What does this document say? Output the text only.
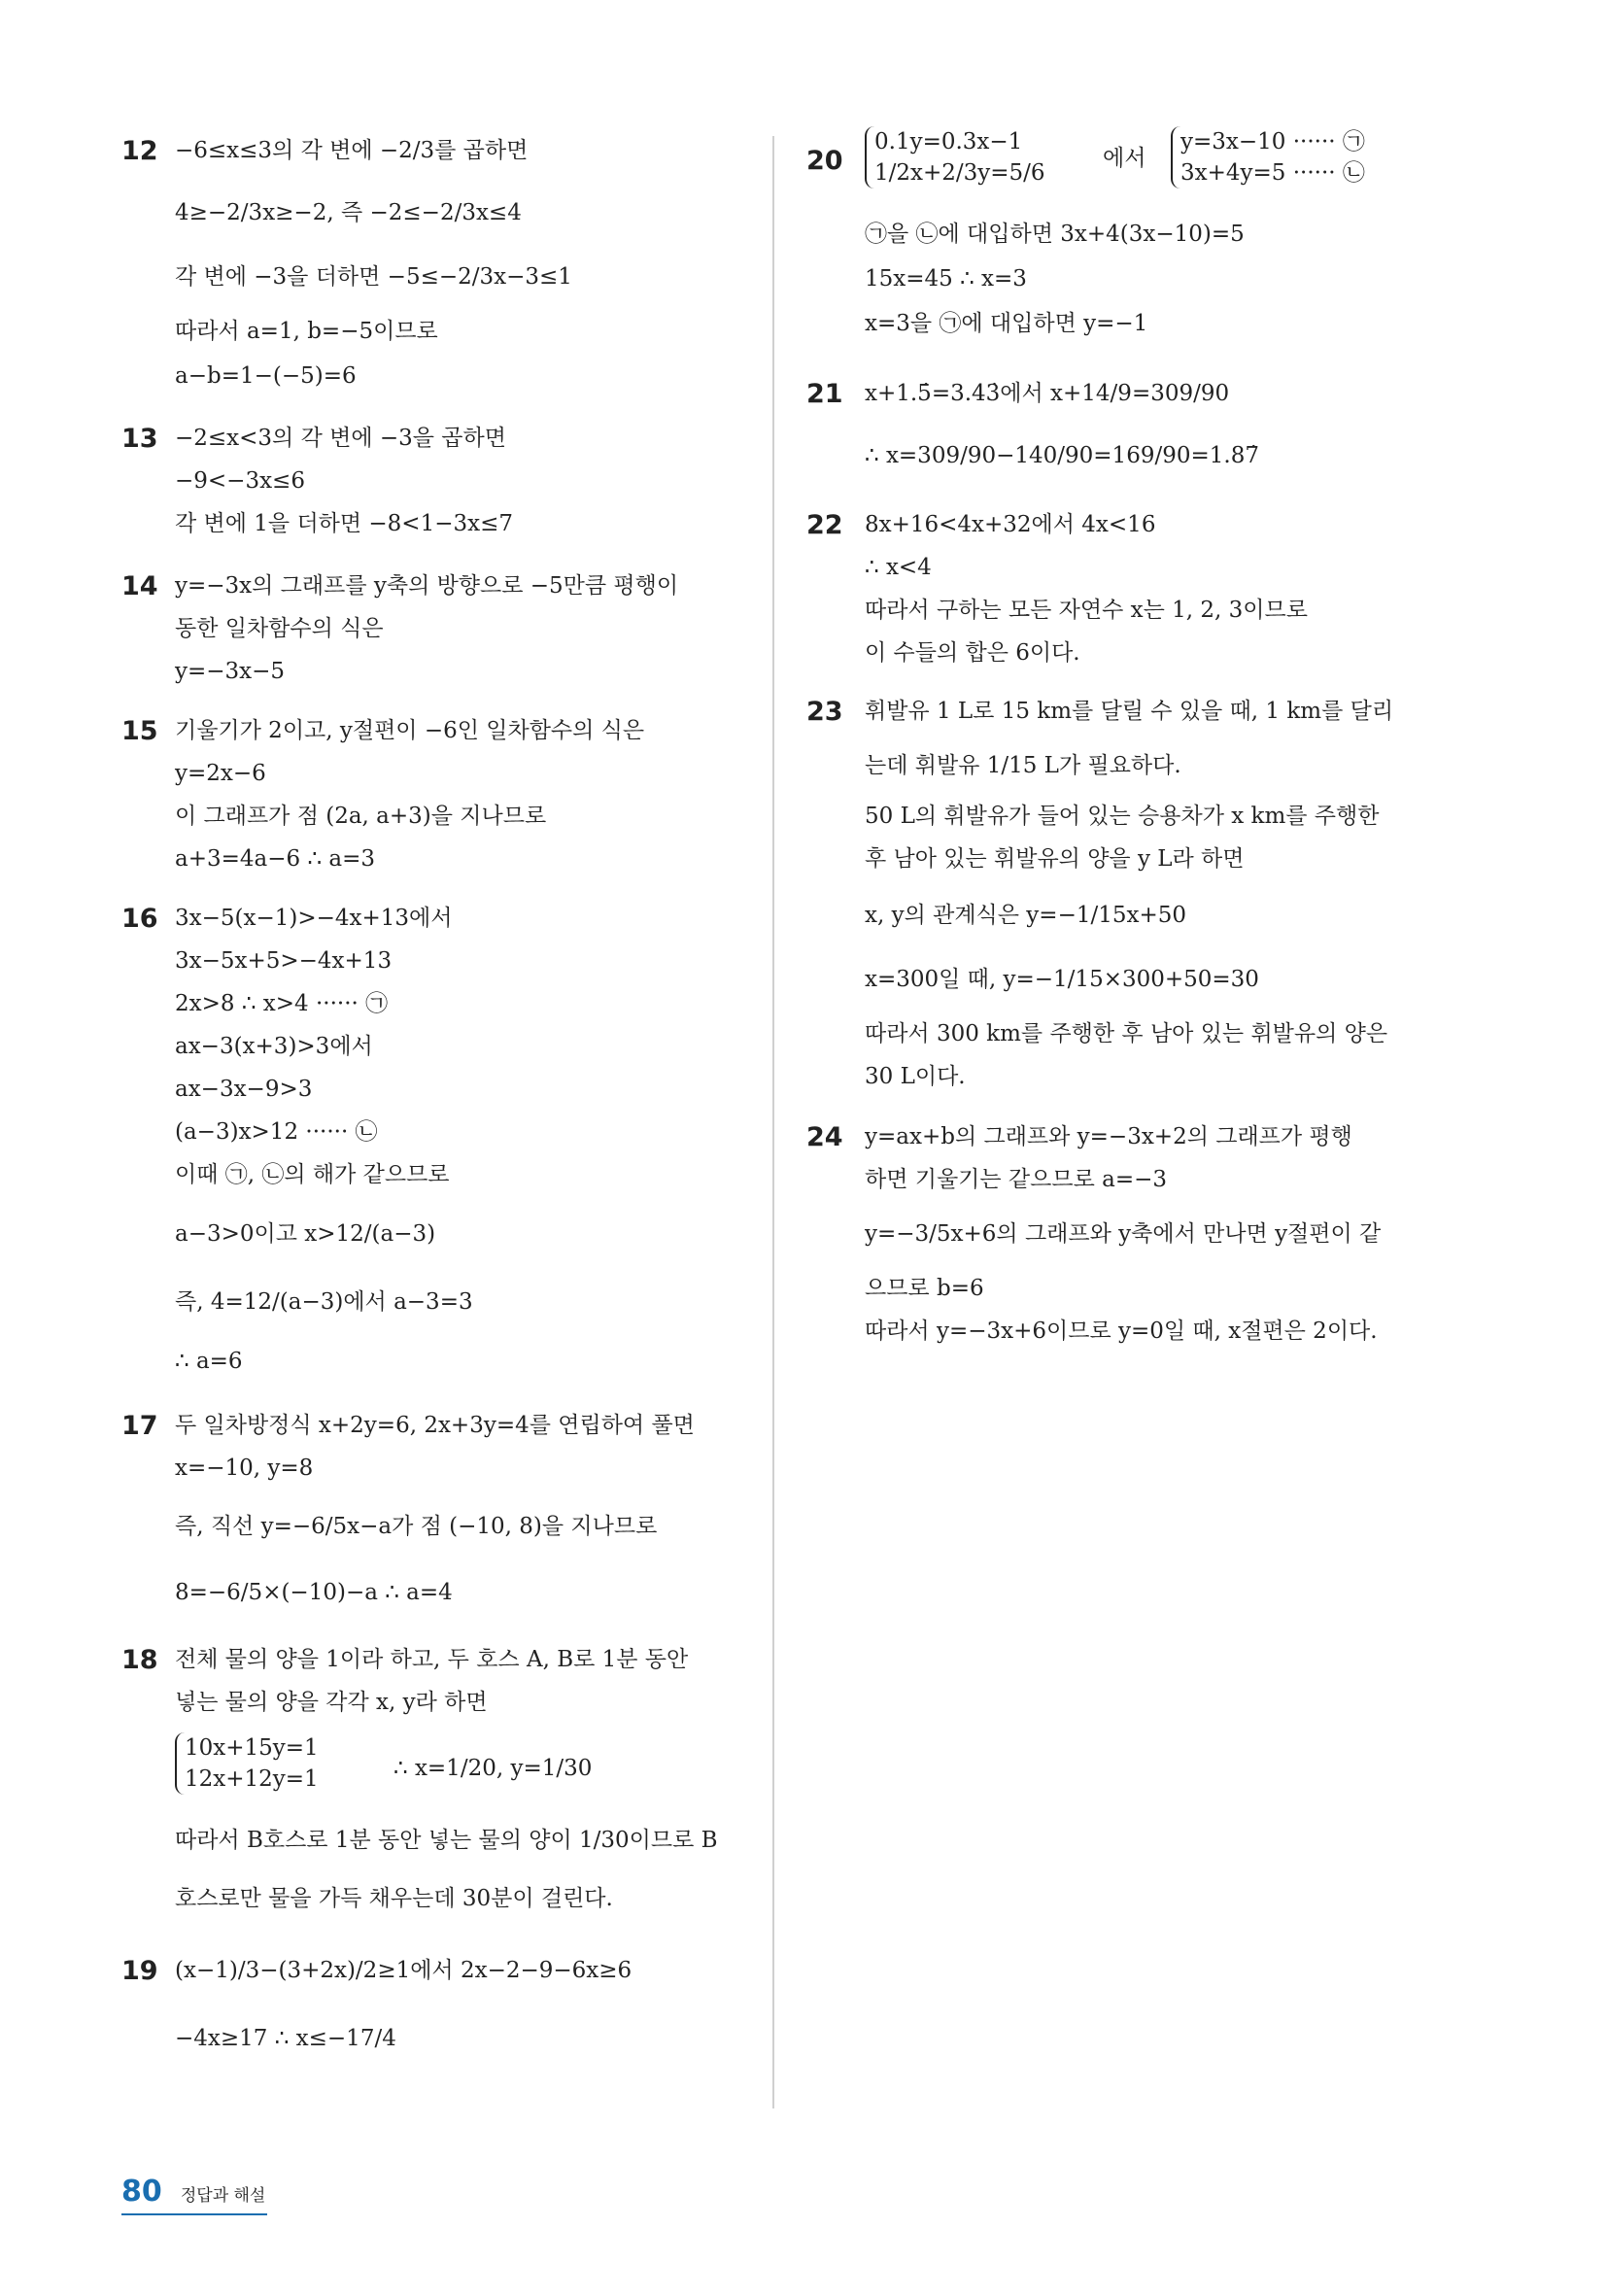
12 −6≤x≤3의 각 변에 −2/3를 곱하면
4≥−2/3x≥−2, 즉 −2≤−2/3x≤4
각 변에 −3을 더하면 −5≤−2/3x−3≤1
따라서 a=1, b=−5이므로
a−b=1−(−5)=6
13 −2≤x<3의 각 변에 −3을 곱하면
−9<−3x≤6
각 변에 1을 더하면 −8<1−3x≤7
14 y=−3x의 그래프를 y축의 방향으로 −5만큼 평행이
동한 일차함수의 식은
y=−3x−5
15 기울기가 2이고, y절편이 −6인 일차함수의 식은
y=2x−6
이 그래프가 점 (2a, a+3)을 지나므로
a+3=4a−6 ∴ a=3
16 3x−5(x−1)>−4x+13에서
3x−5x+5>−4x+13
2x>8 ∴ x>4 ······ ㉠
ax−3(x+3)>3에서
ax−3x−9>3
(a−3)x>12 ······ ㉡
이때 ㉠, ㉡의 해가 같으므로
a−3>0이고 x>12/(a−3)
즉, 4=12/(a−3)에서 a−3=3
∴ a=6
17 두 일차방정식 x+2y=6, 2x+3y=4를 연립하여 풀면
x=−10, y=8
즉, 직선 y=−6/5x−a가 점 (−10, 8)을 지나므로
8=−6/5×(−10)−a ∴ a=4
18 전체 물의 양을 1이라 하고, 두 호스 A, B로 1분 동안
넣는 물의 양을 각각 x, y라 하면
10x+15y=1
12x+12y=1	∴ x=1/20, y=1/30
따라서 B호스로 1분 동안 넣는 물의 양이 1/30이므로 B
호스로만 물을 가득 채우는데 30분이 걸린다.
19 (x−1)/3−(3+2x)/2≥1에서 2x−2−9−6x≥6
−4x≥17 ∴ x≤−17/4
20
0.1y=0.3x−1
1/2x+2/3y=5/6
에서
y=3x−10 ······ ㉠
3x+4y=5 ······ ㉡
㉠을 ㉡에 대입하면 3x+4(3x−10)=5
15x=45 ∴ x=3
x=3을 ㉠에 대입하면 y=−1
21 x+1.5̇=3.43̇에서 x+14/9=309/90
∴ x=309/90−140/90=169/90=1.87̇
22 8x+16<4x+32에서 4x<16
∴ x<4
따라서 구하는 모든 자연수 x는 1, 2, 3이므로
이 수들의 합은 6이다.
23 휘발유 1 L로 15 km를 달릴 수 있을 때, 1 km를 달리
는데 휘발유 1/15 L가 필요하다.
50 L의 휘발유가 들어 있는 승용차가 x km를 주행한
후 남아 있는 휘발유의 양을 y L라 하면
x, y의 관계식은 y=−1/15x+50
x=300일 때, y=−1/15×300+50=30
따라서 300 km를 주행한 후 남아 있는 휘발유의 양은
30 L이다.
24 y=ax+b의 그래프와 y=−3x+2의 그래프가 평행
하면 기울기는 같으므로 a=−3
y=−3/5x+6의 그래프와 y축에서 만나면 y절편이 같
으므로 b=6
따라서 y=−3x+6이므로 y=0일 때, x절편은 2이다.
80 정답과 해설
